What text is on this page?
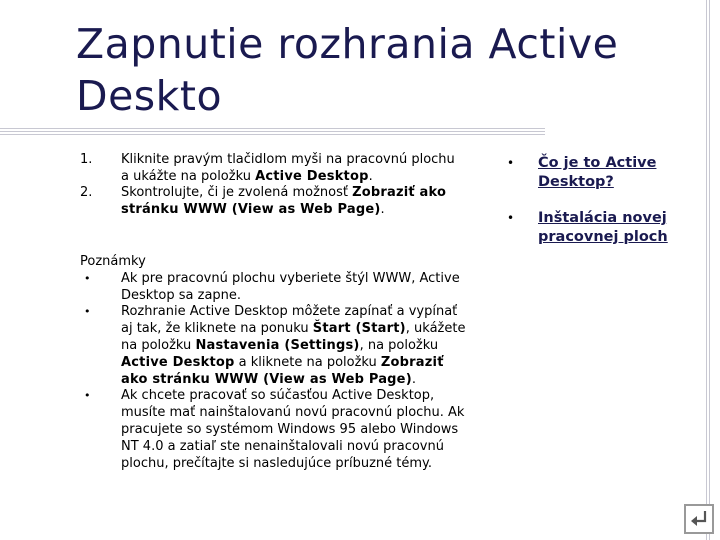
Zapnutie rozhrania Active Deskto
1. Kliknite pravým tlačidlom myši na pracovnú plochu a ukážte na položku Active Desktop.
2. Skontrolujte, či je zvolená možnosť Zobraziť ako stránku WWW (View as Web Page).
Poznámky
• Ak pre pracovnú plochu vyberiete štýl WWW, Active Desktop sa zapne.
• Rozhranie Active Desktop môžete zapínať a vypínať aj tak, že kliknete na ponuku Štart (Start), ukážete na položku Nastavenia (Settings), na položku Active Desktop a kliknete na položku Zobraziť ako stránku WWW (View as Web Page).
• Ak chcete pracovať so súčasťou Active Desktop, musíte mať nainštalovanú novú pracovnú plochu. Ak pracujete so systémom Windows 95 alebo Windows NT 4.0 a zatiaľ ste nenainštalovali novú pracovnú plochu, prečítajte si nasledujúce príbuzné témy.
• Čo je to Active Desktop?
• Inštalácia novej pracovnej ploch
